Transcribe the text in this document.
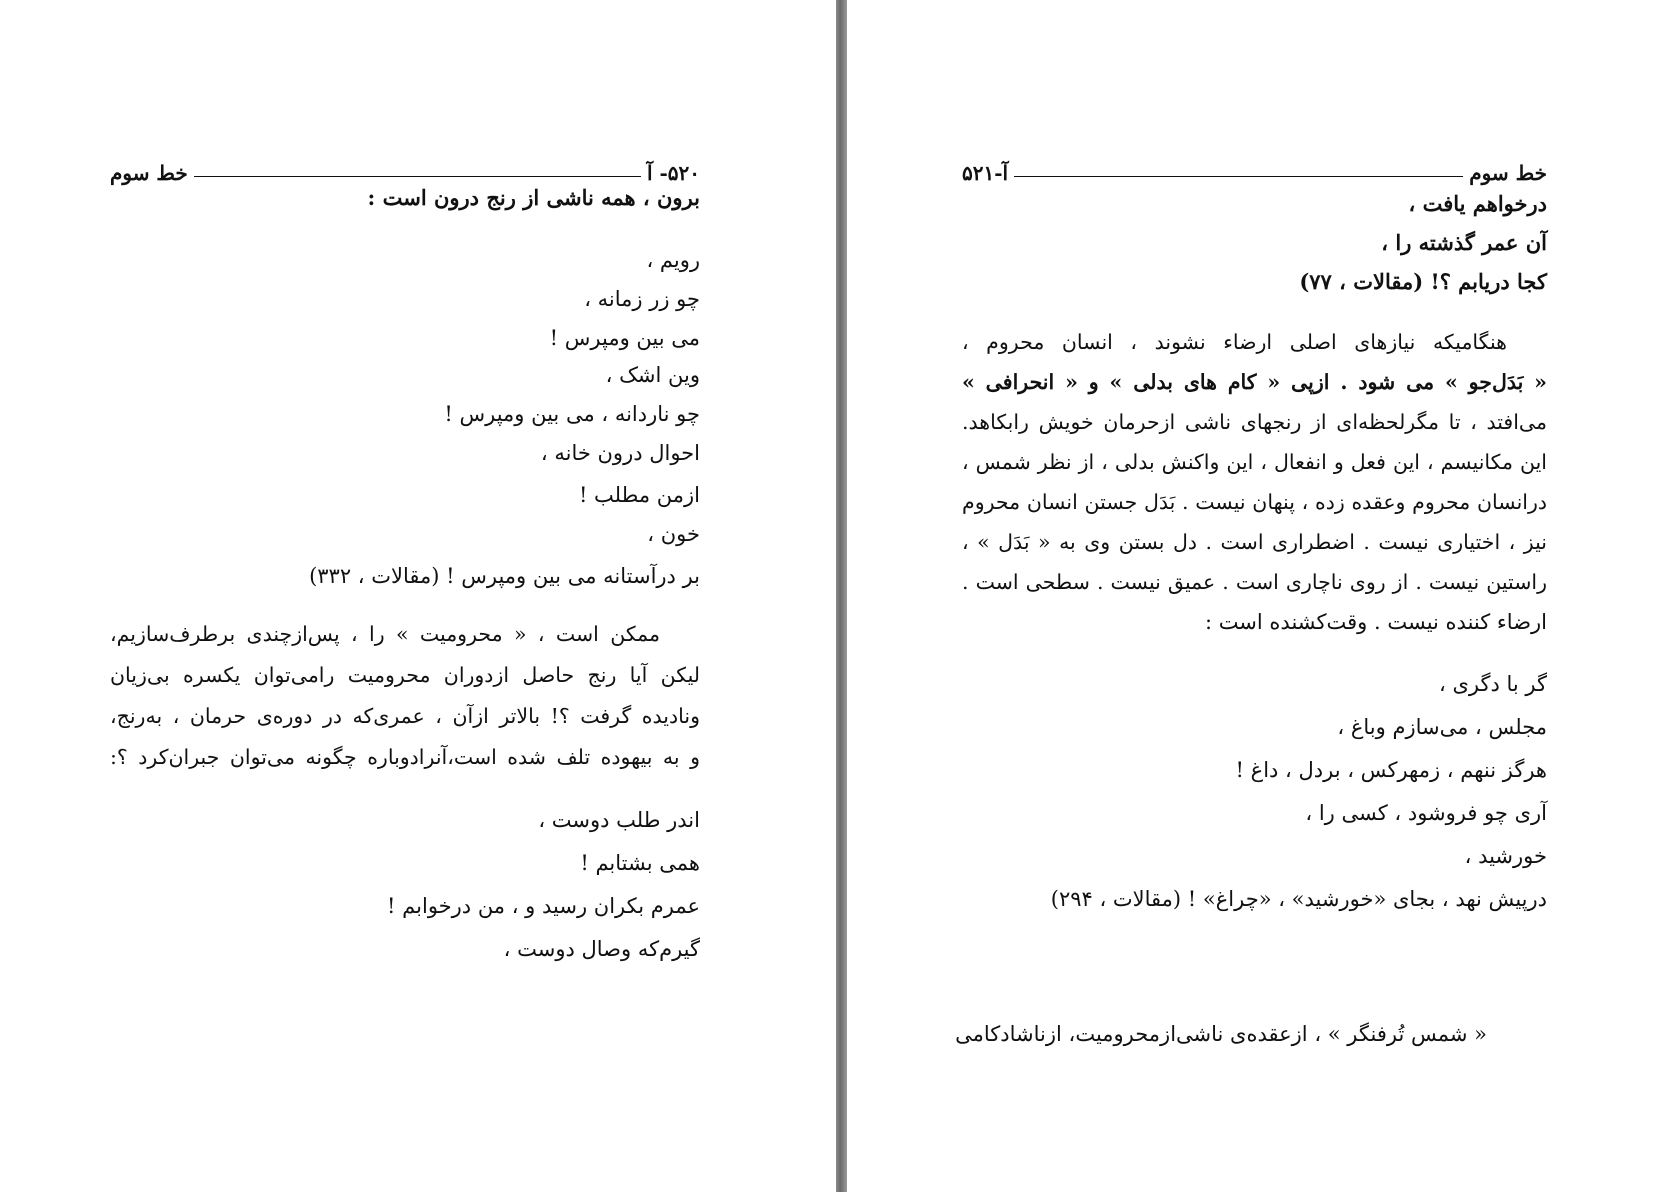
۵۲۰- آ
خط سوم
برون ، همه ناشی از رنج درون است :
رویم ،
چو زر زمانه ،
می بین ومپرس !
وین اشک ،
چو ناردانه ، می بین ومپرس !
احوال درون خانه ،
ازمن مطلب !
خون ،
بر درآستانه می بین ومپرس ! (مقالات ، ۳۳۲)
ممکن است ، « محرومیت » را ، پس‌ازچندی برطرف‌سازیم،
لیکن آیا رنج حاصل ازدوران محرومیت رامی‌توان یکسره بی‌زیان
ونادیده گرفت ؟! بالاتر ازآن ، عمری‌که در دوره‌ی حرمان ، به‌رنج،
و به بیهوده تلف شده است،آنرادوباره چگونه می‌توان جبران‌کرد ؟:
اندر طلب دوست ،
همی بشتابم !
عمرم بکران رسید و ، من درخوابم !
گیرم‌که وصال دوست ،
خط سوم
آ-۵۲۱
درخواهم یافت ،
آن عمر گذشته را ،
کجا دریابم ؟! (مقالات ، ۷۷)
هنگامیکه نیازهای اصلی ارضاء نشوند ، انسان محروم ،
« بَدَل‌جو » می شود . ازپی « کام های بدلی » و « انحرافی »
می‌افتد ، تا مگرلحظه‌ای از رنجهای ناشی ازحرمان خویش رابکاهد.
این مکانیسم ، این فعل و انفعال ، این واکنش بدلی ، از نظر شمس ،
درانسان محروم وعقده زده ، پنهان نیست . بَدَل جستن انسان محروم
نیز ، اختیاری نیست . اضطراری است . دل بستن وی به « بَدَل » ،
راستین نیست . از روی ناچاری است . عمیق نیست . سطحی است .
ارضاء کننده نیست . وقت‌کشنده است :
گر با دگری ،
مجلس ، می‌سازم وباغ ،
هرگز ننهم ، زمهرکس ، بردل ، داغ !
آری چو فروشود ، کسی را ،
خورشید ،
درپیش نهد ، بجای «خورشید» ، «چراغ» ! (مقالات ، ۲۹۴)
« شمس تُرفنگر » ، ازعقده‌ی ناشی‌ازمحرومیت، ازناشادکامی
